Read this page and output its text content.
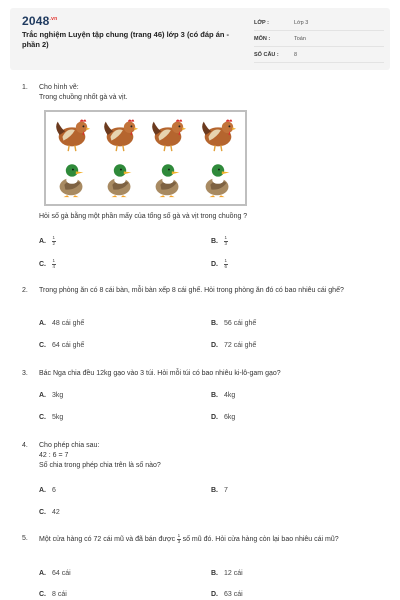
$2048^{.vn}$
Trắc nghiệm Luyện tập chung (trang 46) lớp 3 (có đáp án - phần 2)
LỚP :	Lớp 3
MÔN :	Toán
SỐ CÂU :	8
1. Cho hình vẽ:
Trong chuồng nhốt gà và vịt.
Hỏi số gà bằng một phần mấy của tổng số gà và vịt trong chuồng ?
A. $\frac{1}{2}$	B. $\frac{1}{3}$
C. $\frac{1}{4}$	D. $\frac{1}{6}$
2. Trong phòng ăn có 8 cái bàn, mỗi bàn xếp 8 cái ghế. Hỏi trong phòng ăn đó có bao nhiêu cái ghế?
A. 48 cái ghế	B. 56 cái ghế
C. 64 cái ghế	D. 72 cái ghế
3. Bác Nga chia đều 12kg gạo vào 3 túi. Hỏi mỗi túi có bao nhiêu ki-lô-gam gạo?
A. 3kg	B. 4kg
C. 5kg	D. 6kg
4. Cho phép chia sau:
42 : 6 = 7
Số chia trong phép chia trên là số nào?
A. 6	B. 7
C. 42
5. Một cửa hàng có 72 cái mũ và đã bán được $\frac{1}{3}$ số mũ đó. Hỏi cửa hàng còn lại bao nhiêu cái mũ?
A. 64 cái	B. 12 cái
C. 8 cái	D. 63 cái
